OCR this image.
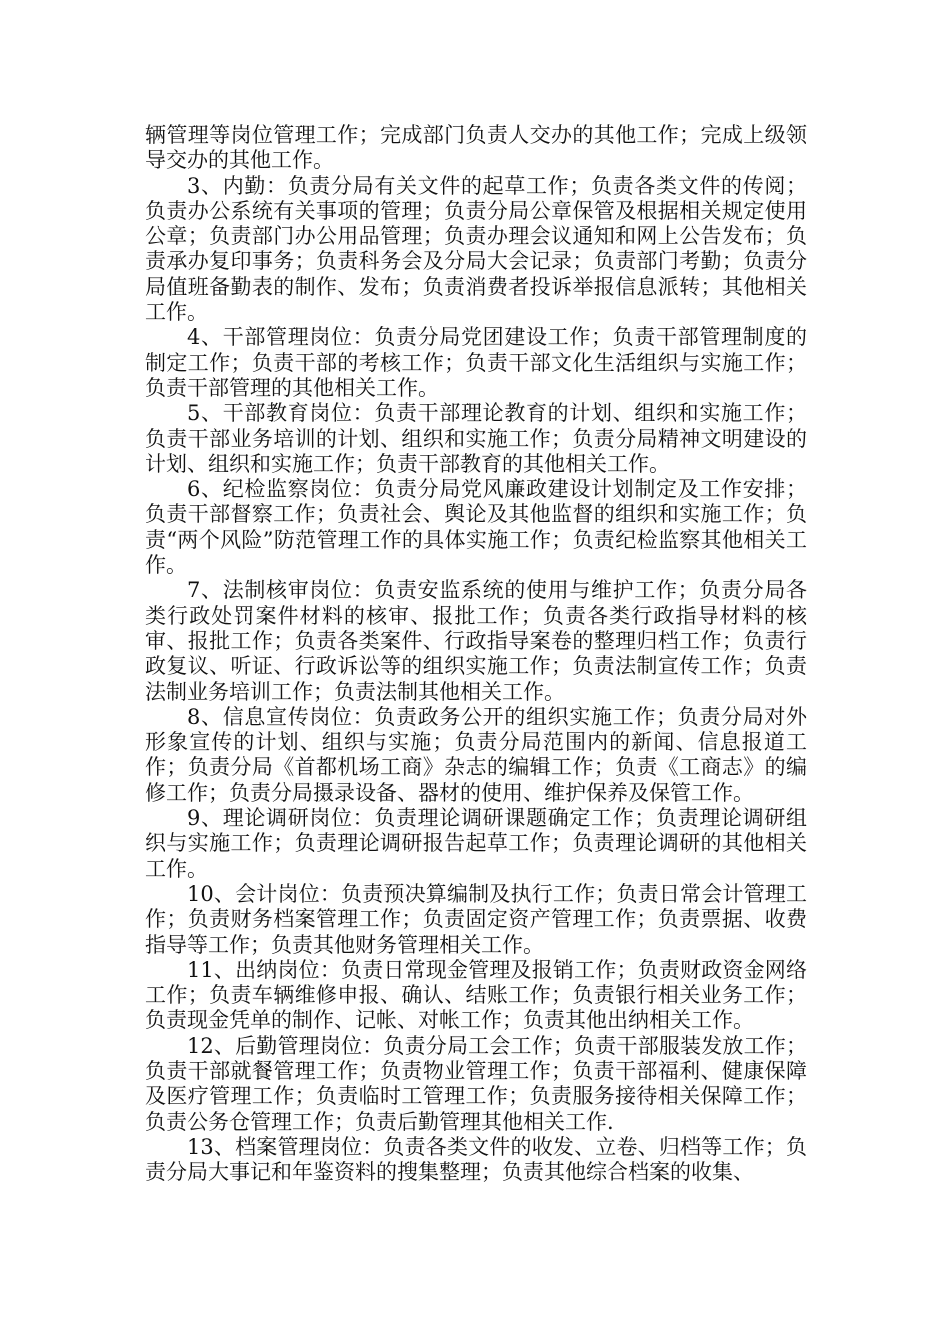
辆管理等岗位管理工作；完成部门负责人交办的其他工作；完成上级领导交办的其他工作。

3、内勤：负责分局有关文件的起草工作；负责各类文件的传阅；负责办公系统有关事项的管理；负责分局公章保管及根据相关规定使用公章；负责部门办公用品管理；负责办理会议通知和网上公告发布；负责承办复印事务；负责科务会及分局大会记录；负责部门考勤；负责分局值班备勤表的制作、发布；负责消费者投诉举报信息派转；其他相关工作。

4、干部管理岗位：负责分局党团建设工作；负责干部管理制度的制定工作；负责干部的考核工作；负责干部文化生活组织与实施工作；负责干部管理的其他相关工作。

5、干部教育岗位：负责干部理论教育的计划、组织和实施工作；负责干部业务培训的计划、组织和实施工作；负责分局精神文明建设的计划、组织和实施工作；负责干部教育的其他相关工作。

6、纪检监察岗位：负责分局党风廉政建设计划制定及工作安排；负责干部督察工作；负责社会、舆论及其他监督的组织和实施工作；负责“两个风险”防范管理工作的具体实施工作；负责纪检监察其他相关工作。

7、法制核审岗位：负责安监系统的使用与维护工作；负责分局各类行政处罚案件材料的核审、报批工作；负责各类行政指导材料的核审、报批工作；负责各类案件、行政指导案卷的整理归档工作；负责行政复议、听证、行政诉讼等的组织实施工作；负责法制宣传工作；负责法制业务培训工作；负责法制其他相关工作。

8、信息宣传岗位：负责政务公开的组织实施工作；负责分局对外形象宣传的计划、组织与实施；负责分局范围内的新闻、信息报道工作；负责分局《首都机场工商》杂志的编辑工作；负责《工商志》的编修工作；负责分局摄录设备、器材的使用、维护保养及保管工作。

9、理论调研岗位：负责理论调研课题确定工作；负责理论调研组织与实施工作；负责理论调研报告起草工作；负责理论调研的其他相关工作。

10、会计岗位：负责预决算编制及执行工作；负责日常会计管理工作；负责财务档案管理工作；负责固定资产管理工作；负责票据、收费指导等工作；负责其他财务管理相关工作。

11、出纳岗位：负责日常现金管理及报销工作；负责财政资金网络工作；负责车辆维修申报、确认、结账工作；负责银行相关业务工作；负责现金凭单的制作、记帐、对帐工作；负责其他出纳相关工作。

12、后勤管理岗位：负责分局工会工作；负责干部服装发放工作；负责干部就餐管理工作；负责物业管理工作；负责干部福利、健康保障及医疗管理工作；负责临时工管理工作；负责服务接待相关保障工作；负责公务仓管理工作；负责后勤管理其他相关工作.

13、档案管理岗位：负责各类文件的收发、立卷、归档等工作；负责分局大事记和年鉴资料的搜集整理；负责其他综合档案的收集、
